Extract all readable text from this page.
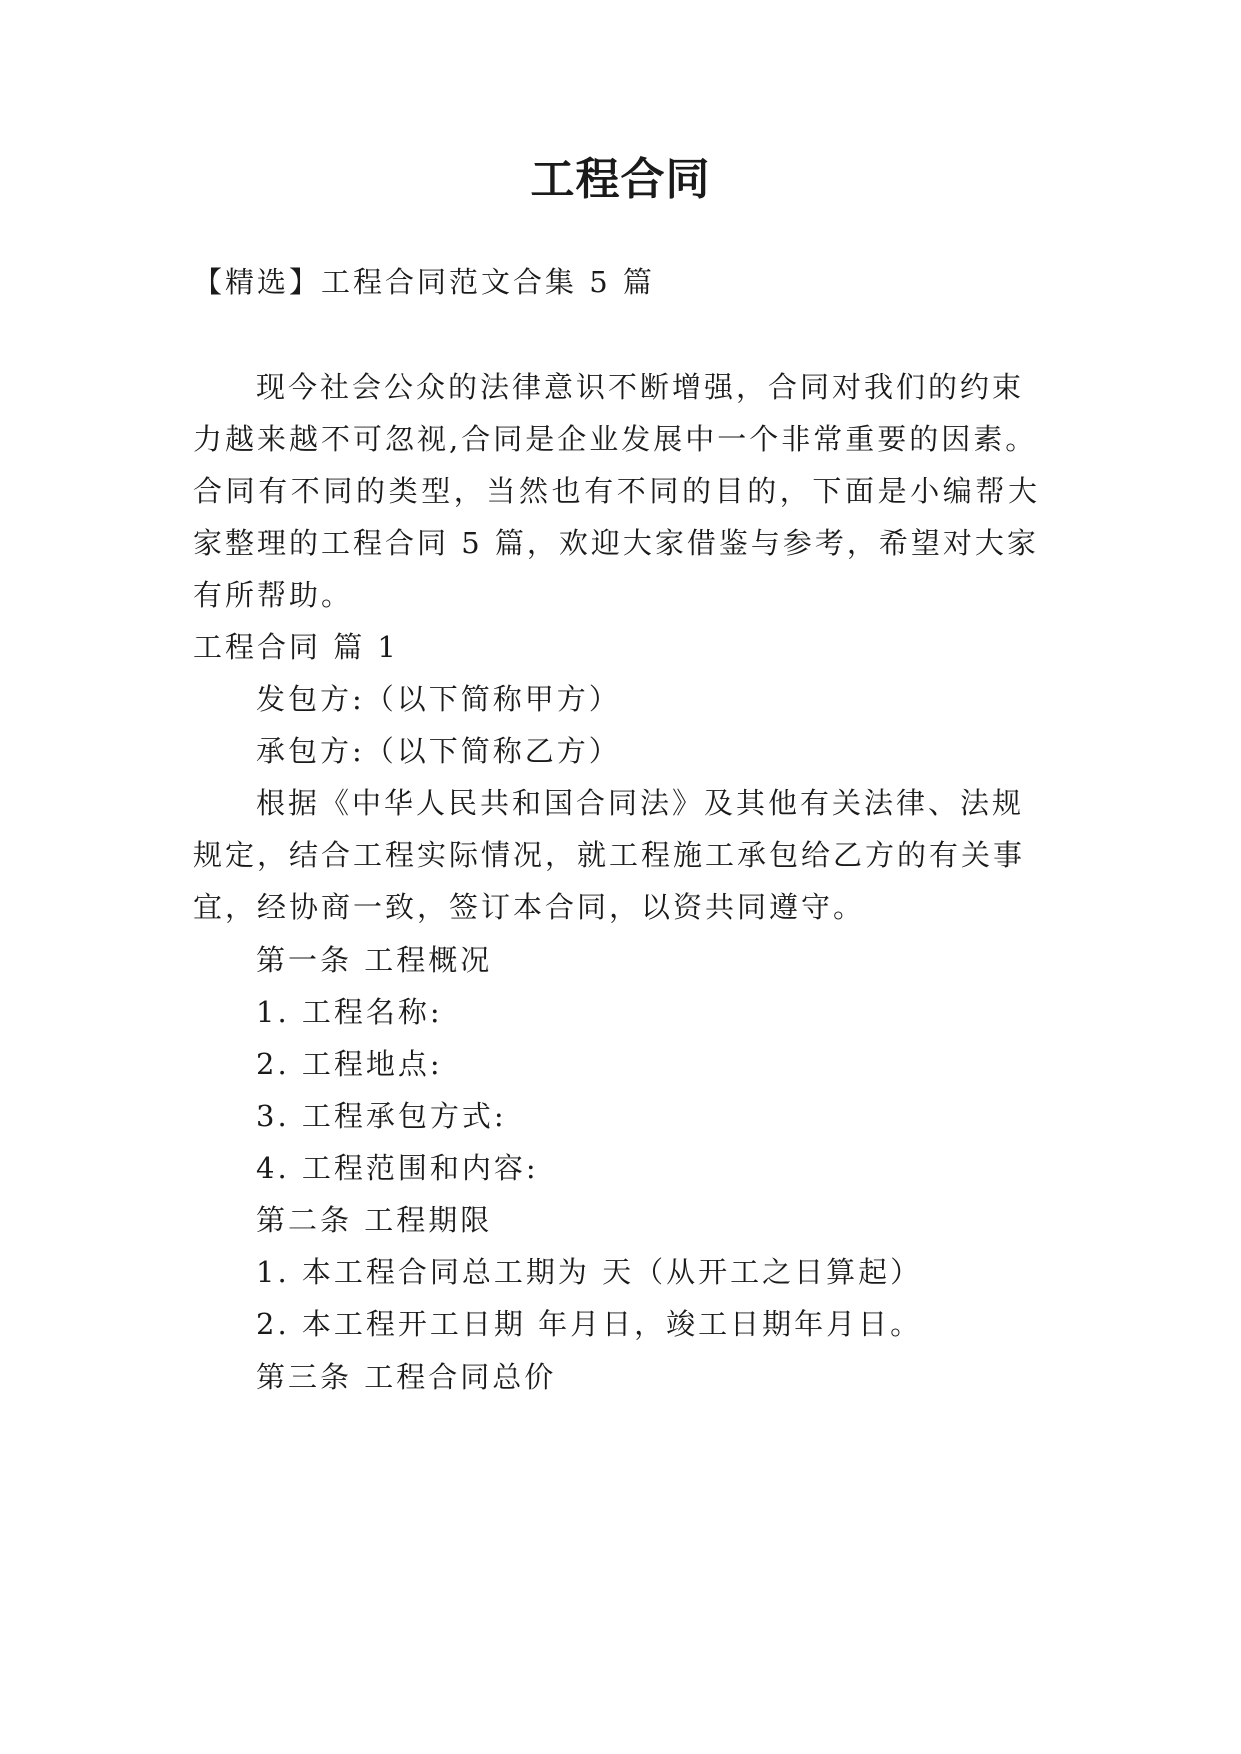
工程合同
【精选】工程合同范文合集 5 篇
现今社会公众的法律意识不断增强，合同对我们的约束
力越来越不可忽视,合同是企业发展中一个非常重要的因素。
合同有不同的类型，当然也有不同的目的，下面是小编帮大
家整理的工程合同 5 篇，欢迎大家借鉴与参考，希望对大家
有所帮助。
工程合同 篇 1
发包方:（以下简称甲方）
承包方:（以下简称乙方）
根据《中华人民共和国合同法》及其他有关法律、法规
规定，结合工程实际情况，就工程施工承包给乙方的有关事
宜，经协商一致，签订本合同，以资共同遵守。
第一条 工程概况
1. 工程名称:
2. 工程地点:
3. 工程承包方式:
4. 工程范围和内容:
第二条 工程期限
1. 本工程合同总工期为 天（从开工之日算起）
2. 本工程开工日期 年月日，竣工日期年月日。
第三条 工程合同总价
